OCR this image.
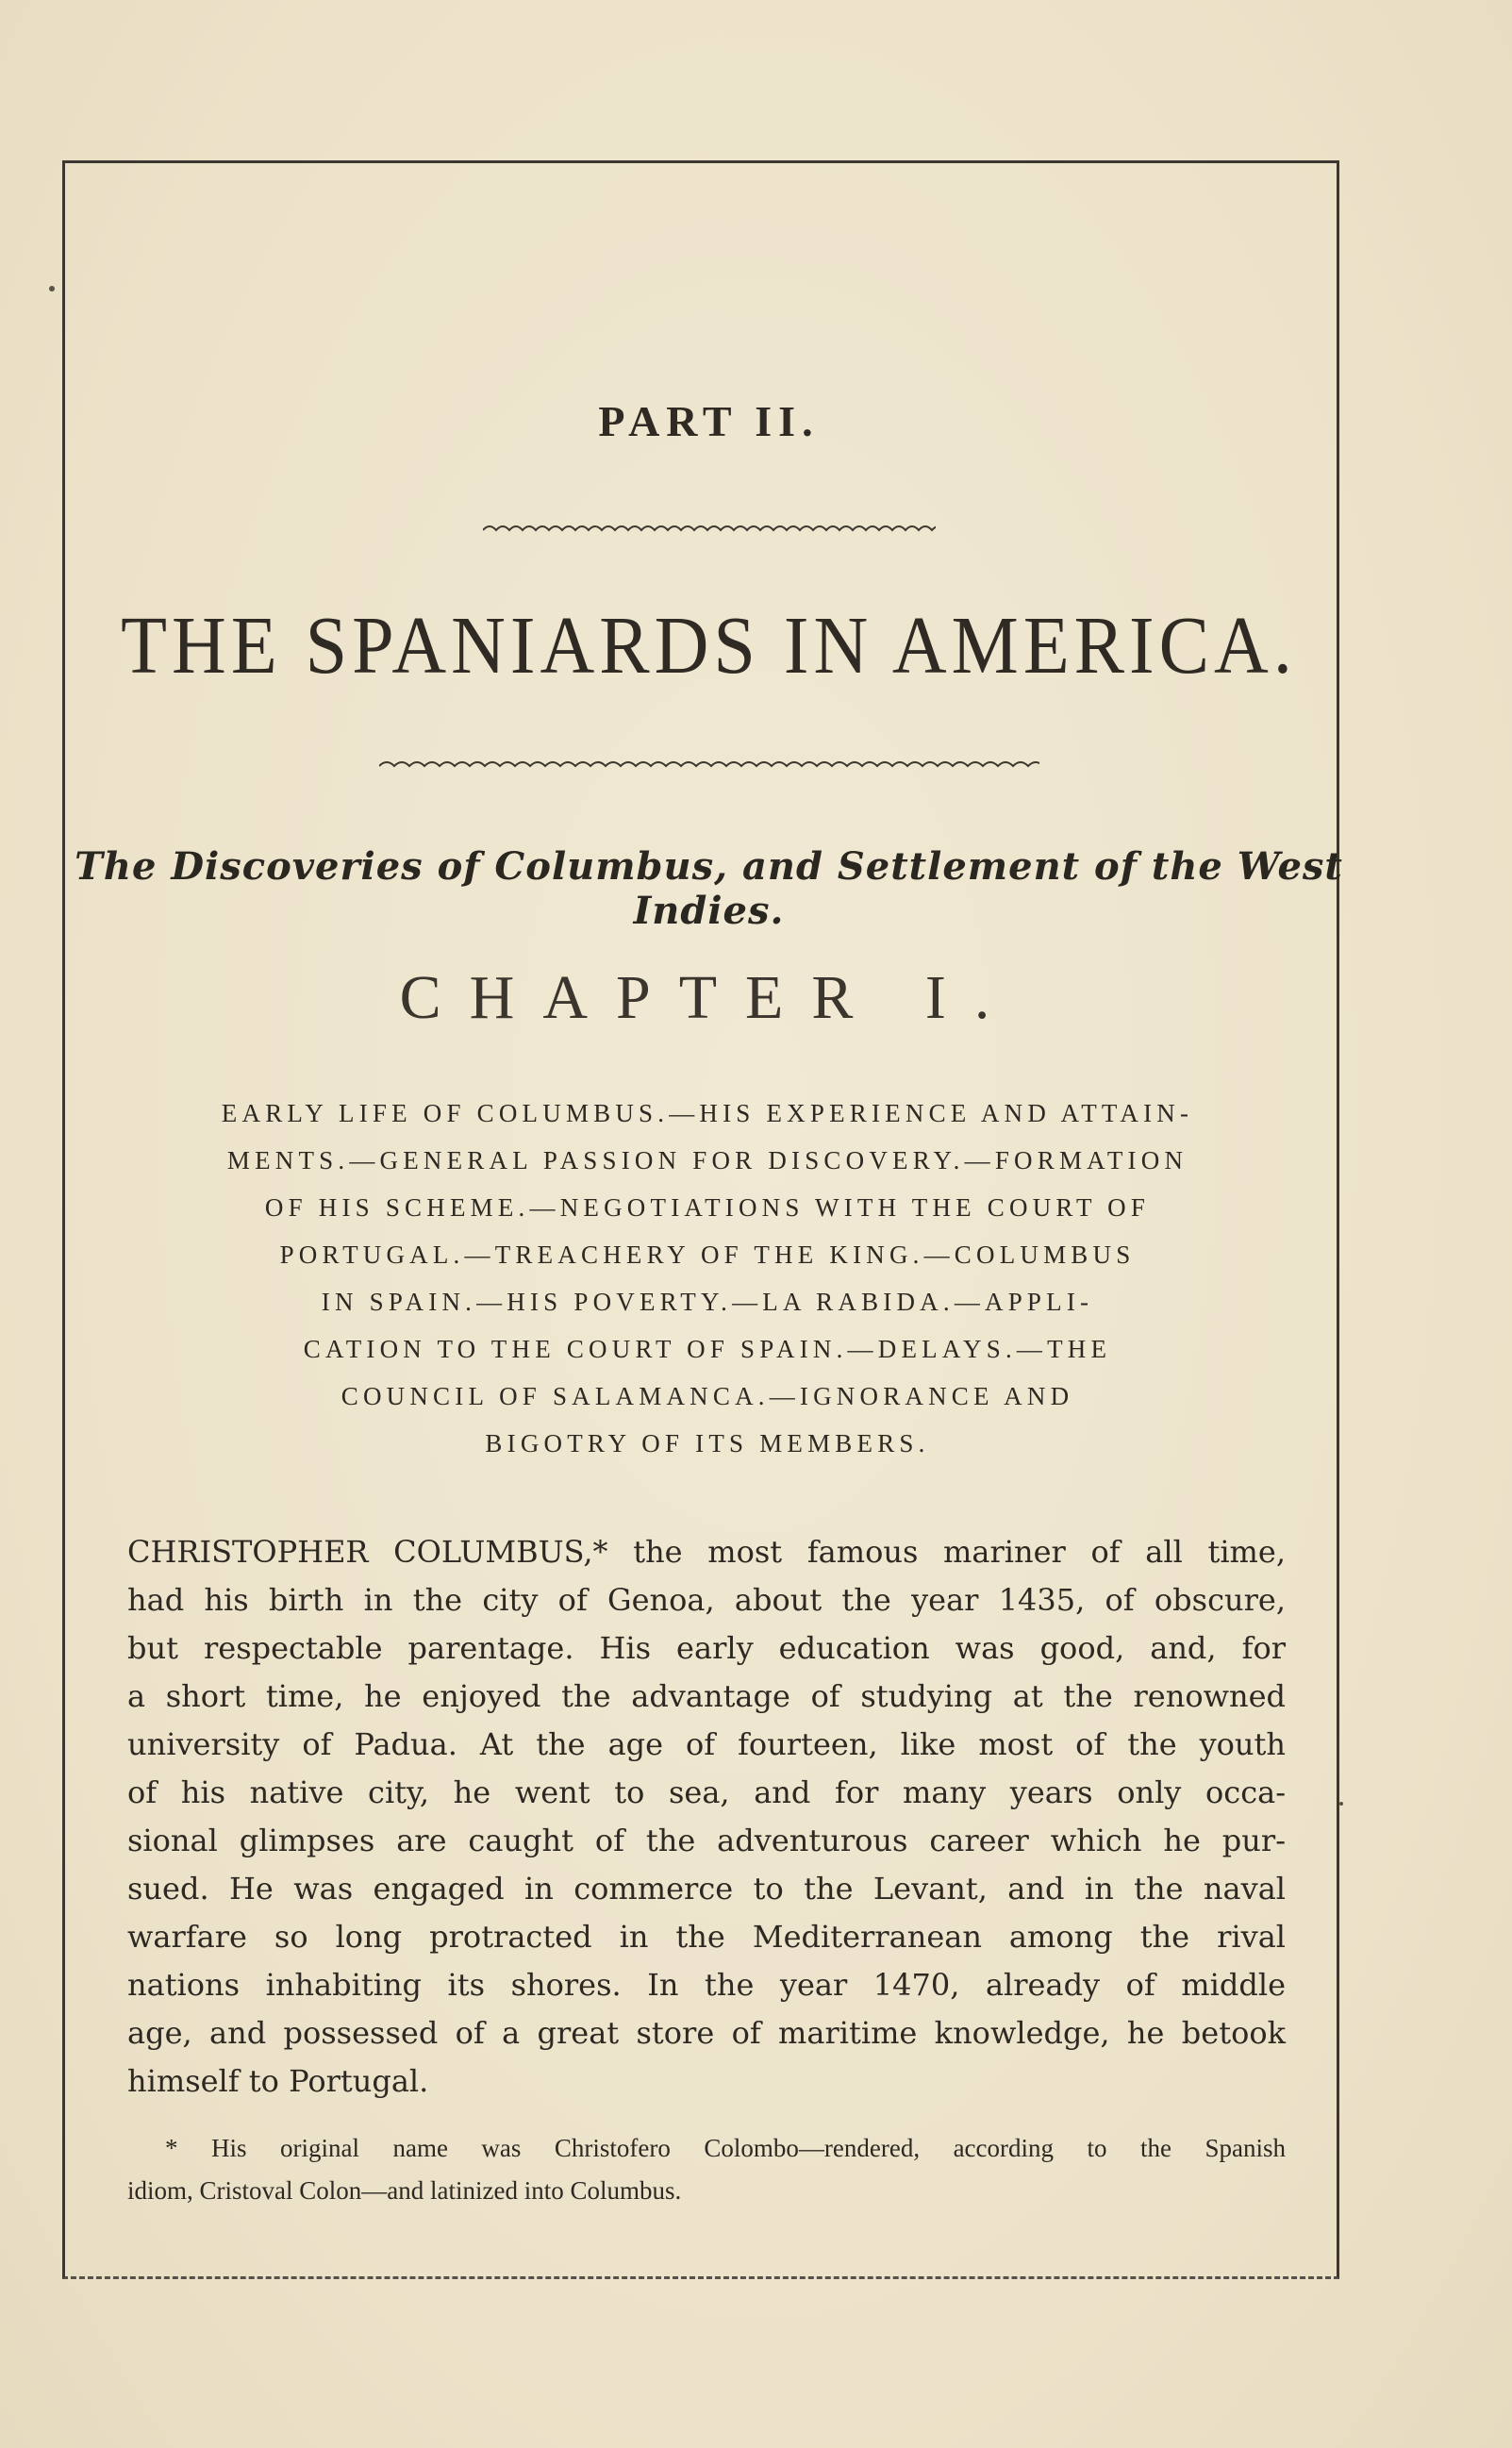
PART II.
THE SPANIARDS IN AMERICA.
The Discoveries of Columbus, and Settlement of the West Indies.
CHAPTER I.
EARLY LIFE OF COLUMBUS.—HIS EXPERIENCE AND ATTAIN-
MENTS.—GENERAL PASSION FOR DISCOVERY.—FORMATION
OF HIS SCHEME.—NEGOTIATIONS WITH THE COURT OF
PORTUGAL.—TREACHERY OF THE KING.—COLUMBUS
IN SPAIN.—HIS POVERTY.—LA RABIDA.—APPLI-
CATION TO THE COURT OF SPAIN.—DELAYS.—THE
COUNCIL OF SALAMANCA.—IGNORANCE AND
BIGOTRY OF ITS MEMBERS.
CHRISTOPHER COLUMBUS,* the most famous mariner of all time,
had his birth in the city of Genoa, about the year 1435, of obscure,
but respectable parentage. His early education was good, and, for
a short time, he enjoyed the advantage of studying at the renowned
university of Padua. At the age of fourteen, like most of the youth
of his native city, he went to sea, and for many years only occa-
sional glimpses are caught of the adventurous career which he pur-
sued. He was engaged in commerce to the Levant, and in the naval
warfare so long protracted in the Mediterranean among the rival
nations inhabiting its shores. In the year 1470, already of middle
age, and possessed of a great store of maritime knowledge, he betook
himself to Portugal.
* His original name was Christofero Colombo—rendered, according to the Spanish
idiom, Cristoval Colon—and latinized into Columbus.
